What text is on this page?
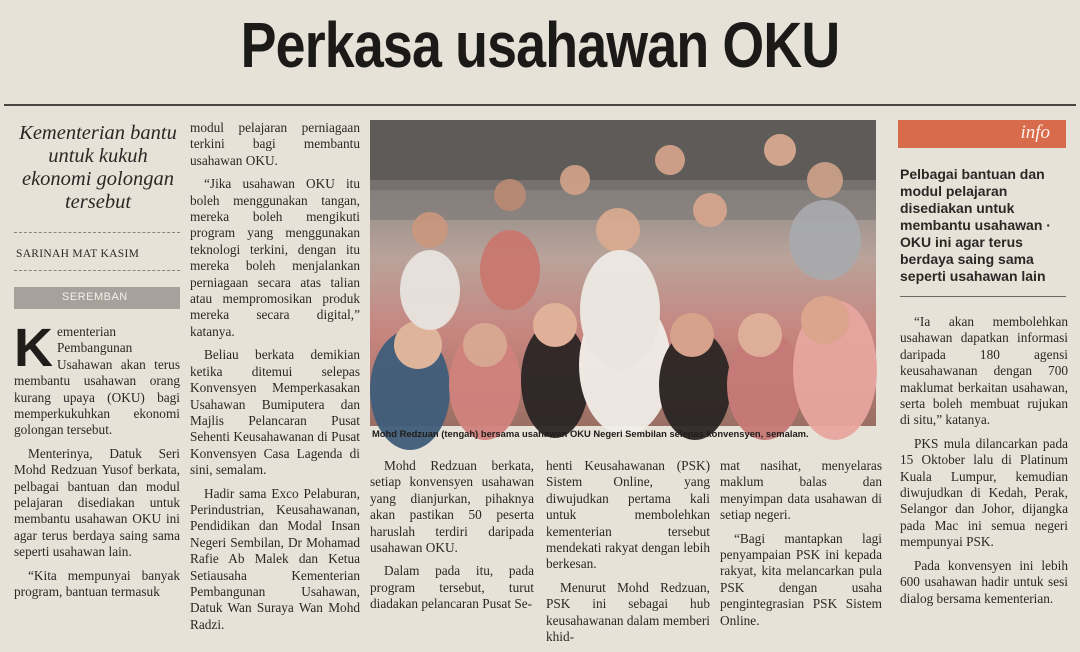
Perkasa usahawan OKU
Kementerian bantu untuk kukuh ekonomi golongan tersebut
SARINAH MAT KASIM
SEREMBAN

Kementerian Pembangunan Usahawan akan terus membantu usahawan orang kurang upaya (OKU) bagi memperkukuhkan ekonomi golongan tersebut.

Menterinya, Datuk Seri Mohd Redzuan Yusof berkata, pelbagai bantuan dan modul pelajaran disediakan untuk membantu usahawan OKU ini agar terus berdaya saing sama seperti usahawan lain.

“Kita mempunyai banyak program, bantuan termasuk

modul pelajaran perniagaan terkini bagi membantu usahawan OKU.

“Jika usahawan OKU itu boleh menggunakan tangan, mereka boleh mengikuti program yang menggunakan teknologi terkini, dengan itu mereka boleh menjalankan perniagaan secara atas talian atau mempromosikan produk mereka secara digital,” katanya.

Beliau berkata demikian ketika ditemui selepas Konvensyen Memperkasakan Usahawan Bumiputera dan Majlis Pelancaran Pusat Sehenti Keusahawanan di Pusat Konvensyen Casa Lagenda di sini, semalam.

Hadir sama Exco Pelaburan, Perindustrian, Keusahawanan, Pendidikan dan Modal Insan Negeri Sembilan, Dr Mohamad Rafie Ab Malek dan Ketua Setiausaha Kementerian Pembangunan Usahawan, Datuk Wan Suraya Wan Mohd Radzi.

Mohd Redzuan (tengah) bersama usahawan OKU Negeri Sembilan selepas konvensyen, semalam.

Mohd Redzuan berkata, setiap konvensyen usahawan yang dianjurkan, pihaknya akan pastikan 50 peserta haruslah terdiri daripada usahawan OKU.

Dalam pada itu, pada program tersebut, turut diadakan pelancaran Pusat Se-

henti Keusahawanan (PSK) Sistem Online, yang diwujudkan pertama kali untuk membolehkan kementerian tersebut mendekati rakyat dengan lebih berkesan.

Menurut Mohd Redzuan, PSK ini sebagai hub keusahawanan dalam memberi khid-

mat nasihat, menyelaras maklum balas dan menyimpan data usahawan di setiap negeri.

“Bagi mantapkan lagi penyampaian PSK ini kepada rakyat, kita melancarkan pula PSK dengan usaha pengintegrasian PSK Sistem Online.

info
Pelbagai bantuan dan modul pelajaran disediakan untuk membantu usahawan · OKU ini agar terus berdaya saing sama seperti usahawan lain

“Ia akan membolehkan usahawan dapatkan informasi daripada 180 agensi keusahawanan dengan 700 maklumat berkaitan usahawan, serta boleh membuat rujukan di situ,” katanya.

PKS mula dilancarkan pada 15 Oktober lalu di Platinum Kuala Lumpur, kemudian diwujudkan di Kedah, Perak, Selangor dan Johor, dijangka pada Mac ini semua negeri mempunyai PSK.

Pada konvensyen ini lebih 600 usahawan hadir untuk sesi dialog bersama kementerian.
